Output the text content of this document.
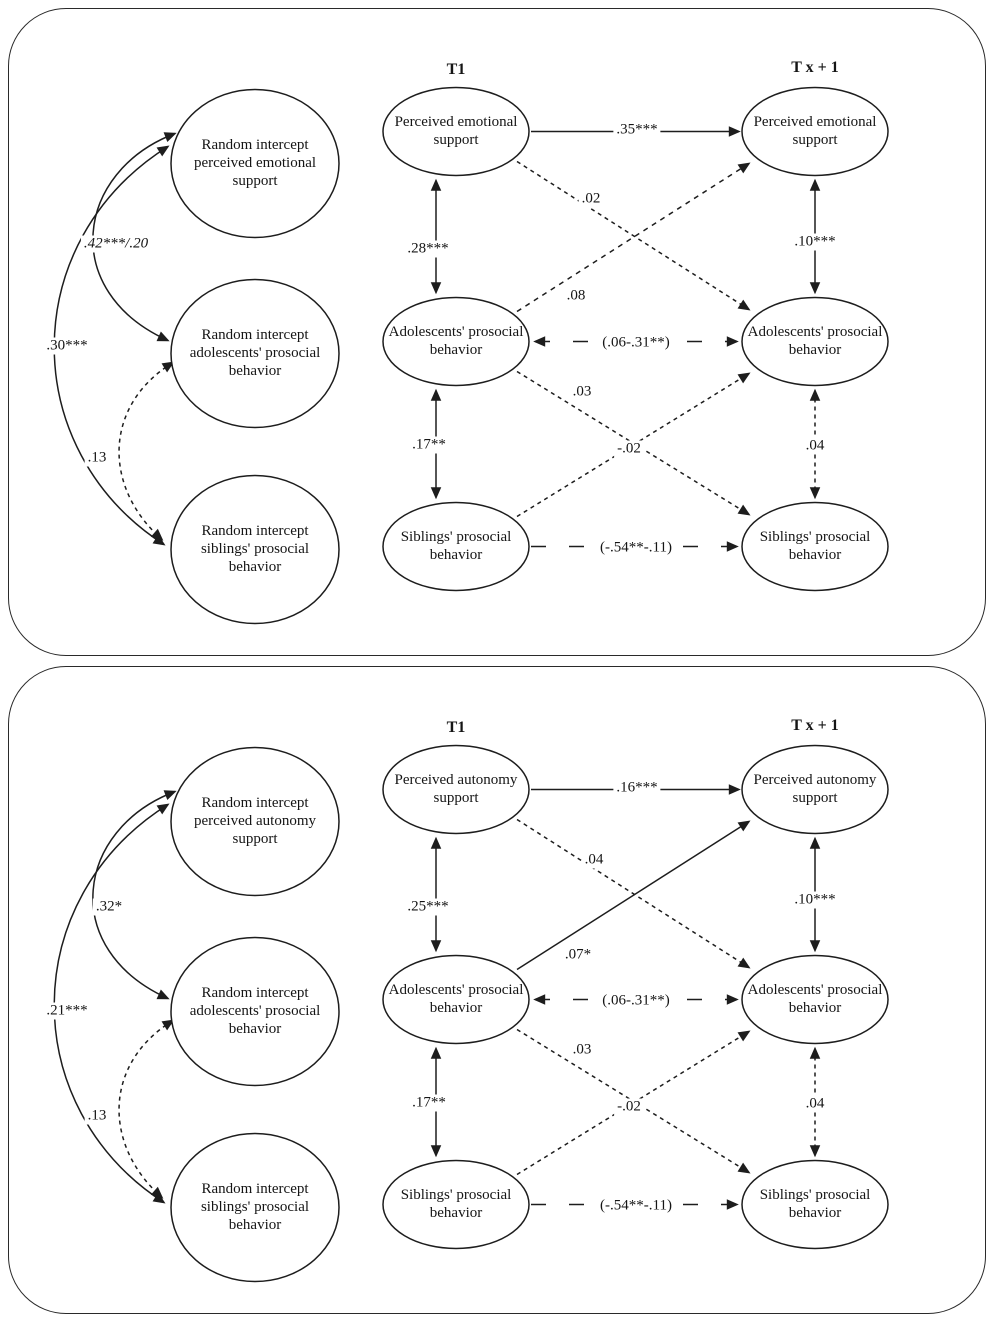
T1	T x + 1
Random intercept perceived emotional support
Random intercept adolescents' prosocial behavior
Random intercept siblings' prosocial behavior
Perceived emotional support
Adolescents' prosocial behavior
Siblings' prosocial behavior
Perceived emotional support
Adolescents' prosocial behavior
Siblings' prosocial behavior
.42***/.20
.30***
.13
.35***
.02
.08
(.06-.31**)
.03
-.02
(-.54**-.11)
.28***
.17**
.10***
.04
T1	T x + 1
Random intercept perceived autonomy support
Random intercept adolescents' prosocial behavior
Random intercept siblings' prosocial behavior
Perceived autonomy support
Adolescents' prosocial behavior
Siblings' prosocial behavior
Perceived autonomy support
Adolescents' prosocial behavior
Siblings' prosocial behavior
.32*
.21***
.13
.16***
.04
.07*
(.06-.31**)
.03
-.02
(-.54**-.11)
.25***
.17**
.10***
.04
